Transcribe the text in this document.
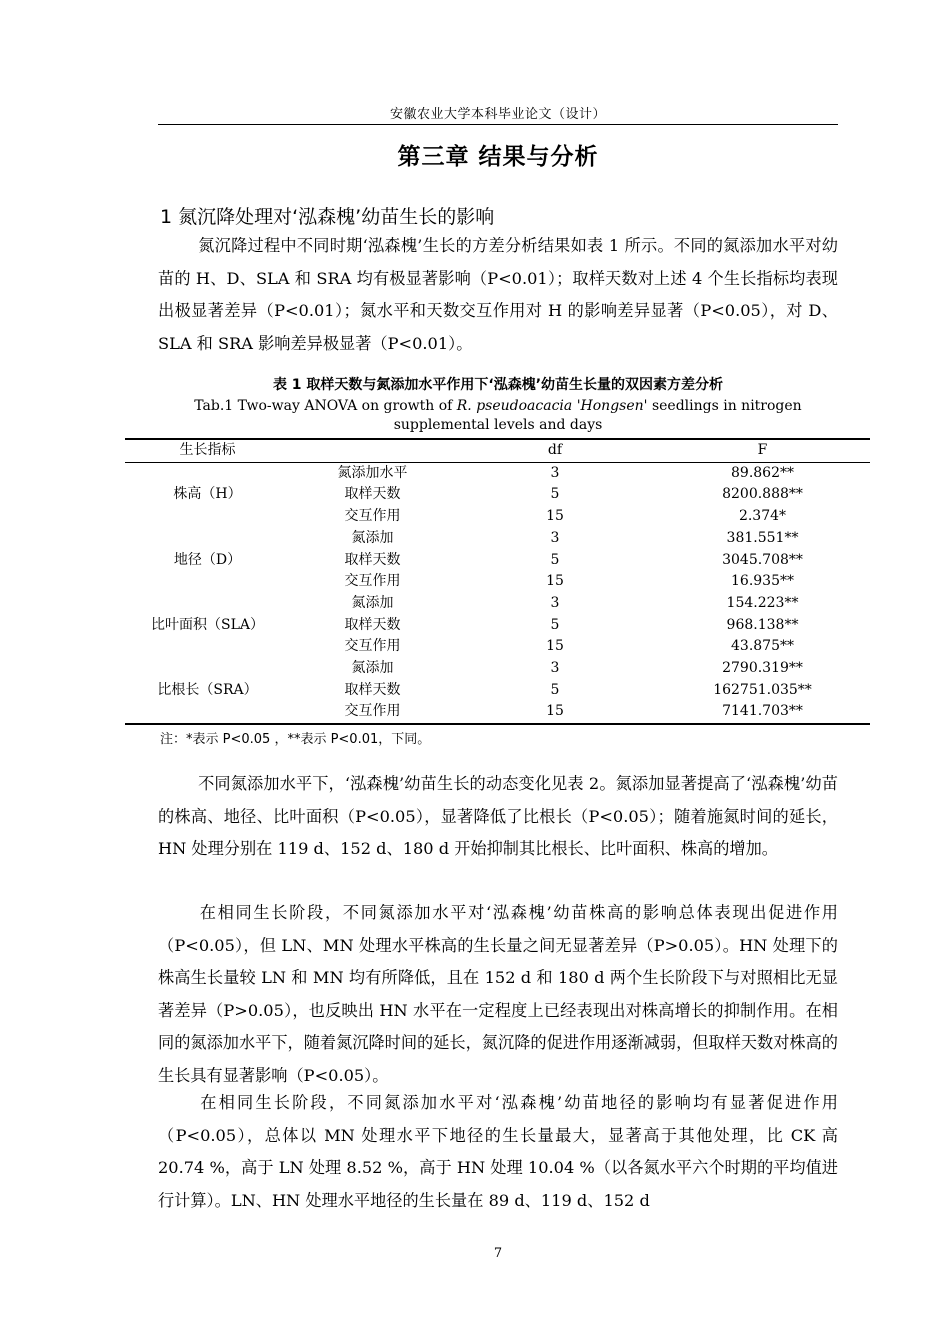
安徽农业大学本科毕业论文（设计）
第三章 结果与分析
1 氮沉降处理对‘泓森槐’幼苗生长的影响

氮沉降过程中不同时期‘泓森槐’生长的方差分析结果如表 1 所示。不同的氮添加水平对幼苗的 H、D、SLA 和 SRA 均有极显著影响（P<0.01）；取样天数对上述 4 个生长指标均表现出极显著差异（P<0.01）；氮水平和天数交互作用对 H 的影响差异显著（P<0.05），对 D、SLA 和 SRA 影响差异极显著（P<0.01）。

表 1 取样天数与氮添加水平作用下‘泓森槐’幼苗生长量的双因素方差分析
Tab.1 Two-way ANOVA on growth of R. pseudoacacia 'Hongsen' seedlings in nitrogen supplemental levels and days
生长指标		df	F
株高（H）	氮添加水平	3	89.862**
	取样天数	5	8200.888**
	交互作用	15	2.374*
地径（D）	氮添加	3	381.551**
	取样天数	5	3045.708**
	交互作用	15	16.935**
比叶面积（SLA）	氮添加	3	154.223**
	取样天数	5	968.138**
	交互作用	15	43.875**
比根长（SRA）	氮添加	3	2790.319**
	取样天数	5	162751.035**
	交互作用	15	7141.703**
注：*表示 P<0.05 ，**表示 P<0.01，下同。

不同氮添加水平下，‘泓森槐’幼苗生长的动态变化见表 2。氮添加显著提高了‘泓森槐’幼苗的株高、地径、比叶面积（P<0.05），显著降低了比根长（P<0.05）；随着施氮时间的延长，HN 处理分别在 119 d、152 d、180 d 开始抑制其比根长、比叶面积、株高的增加。

在相同生长阶段，不同氮添加水平对‘泓森槐’幼苗株高的影响总体表现出促进作用（P<0.05），但 LN、MN 处理水平株高的生长量之间无显著差异（P>0.05）。HN 处理下的株高生长量较 LN 和 MN 均有所降低，且在 152 d 和 180 d 两个生长阶段下与对照相比无显著差异（P>0.05），也反映出 HN 水平在一定程度上已经表现出对株高增长的抑制作用。在相同的氮添加水平下，随着氮沉降时间的延长，氮沉降的促进作用逐渐减弱，但取样天数对株高的生长具有显著影响（P<0.05）。

在相同生长阶段，不同氮添加水平对‘泓森槐’幼苗地径的影响均有显著促进作用（P<0.05），总体以 MN 处理水平下地径的生长量最大，显著高于其他处理，比 CK 高 20.74 %，高于 LN 处理 8.52 %，高于 HN 处理 10.04 %（以各氮水平六个时期的平均值进行计算）。LN、HN 处理水平地径的生长量在 89 d、119 d、152 d

7
